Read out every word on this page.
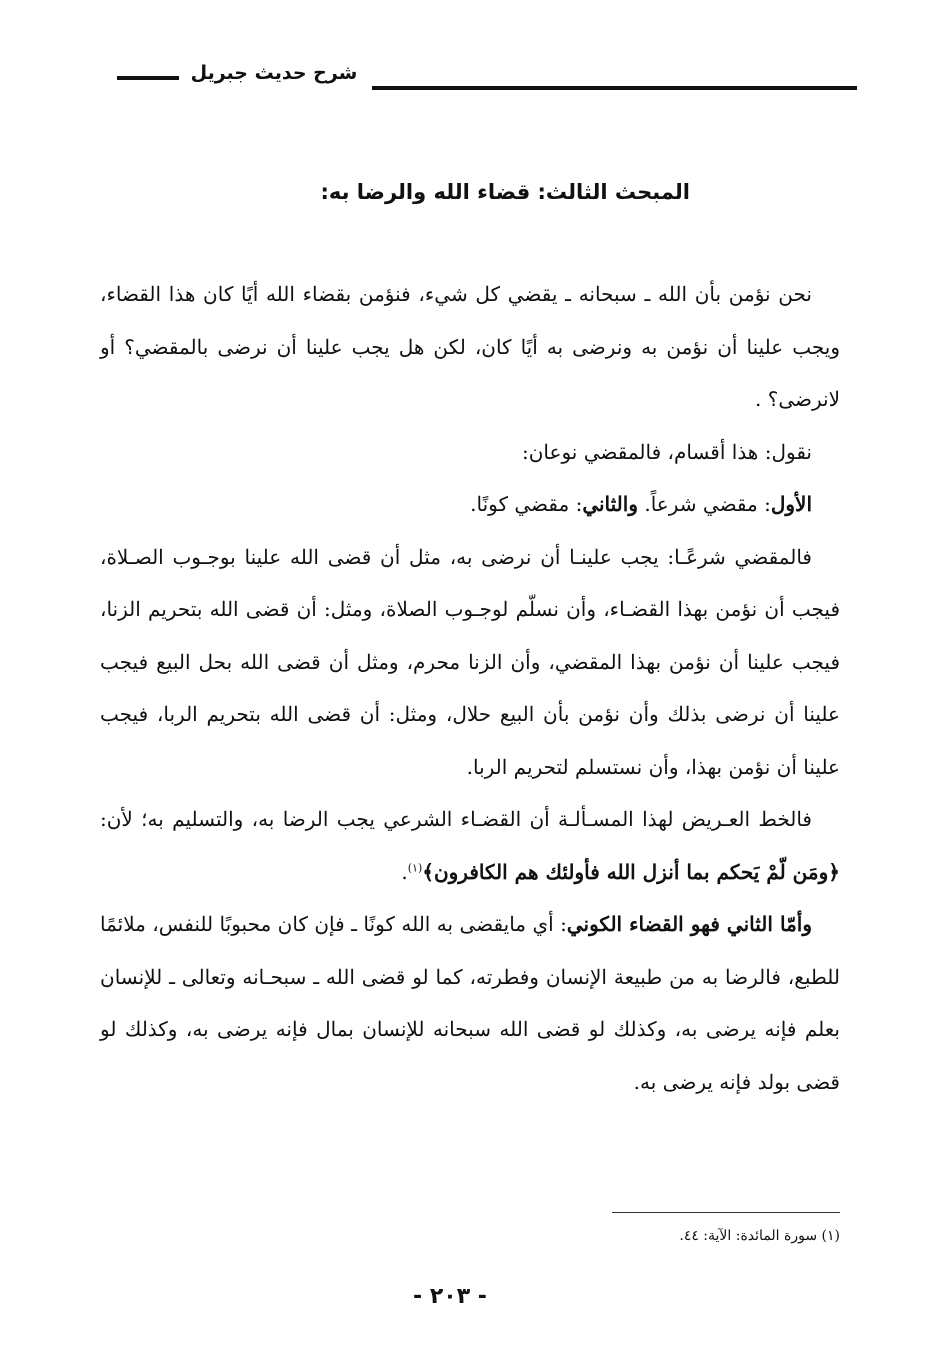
شرح حديث جبريل
المبحث الثالث: قضاء الله والرضا به:

نحن نؤمن بأن الله ـ سبحانه ـ يقضي كل شيء، فنؤمن بقضاء الله أيًا كان هذا القضاء، ويجب علينا أن نؤمن به ونرضى به أيًا كان، لكن هل يجب علينا أن نرضى بالمقضي؟ أو لانرضى؟ .

نقول: هذا أقسام، فالمقضي نوعان:

الأول: مقضي شرعاً. والثاني: مقضي كونًا.

فالمقضي شرعًـا: يجب علينـا أن نرضى به، مثل أن قضى الله علينا بوجـوب الصـلاة، فيجب أن نؤمن بهذا القضـاء، وأن نسلّم لوجـوب الصلاة، ومثل: أن قضى الله بتحريم الزنا، فيجب علينا أن نؤمن بهذا المقضي، وأن الزنا محرم، ومثل أن قضى الله بحل البيع فيجب علينا أن نرضى بذلك وأن نؤمن بأن البيع حلال، ومثل: أن قضى الله بتحريم الربا، فيجب علينا أن نؤمن بهذا، وأن نستسلم لتحريم الربا.

فالخط العـريض لهذا المسـألـة أن القضـاء الشرعي يجب الرضا به، والتسليم به؛ لأن: ﴿ومَن لّمْ يَحكم بما أنزل الله فأولئك هم الكافرون﴾$^{(١)}$.

وأمّا الثاني فهو القضاء الكوني: أي مايقضى به الله كونًا ـ فإن كان محبوبًا للنفس، ملائمًا للطبع، فالرضا به من طبيعة الإنسان وفطرته، كما لو قضى الله ـ سبحـانه وتعالى ـ للإنسان بعلم فإنه يرضى به، وكذلك لو قضى الله سبحانه للإنسان بمال فإنه يرضى به، وكذلك لو قضى بولد فإنه يرضى به.

(١) سورة المائدة: الآية: ٤٤.
- ٢٠٣ -
